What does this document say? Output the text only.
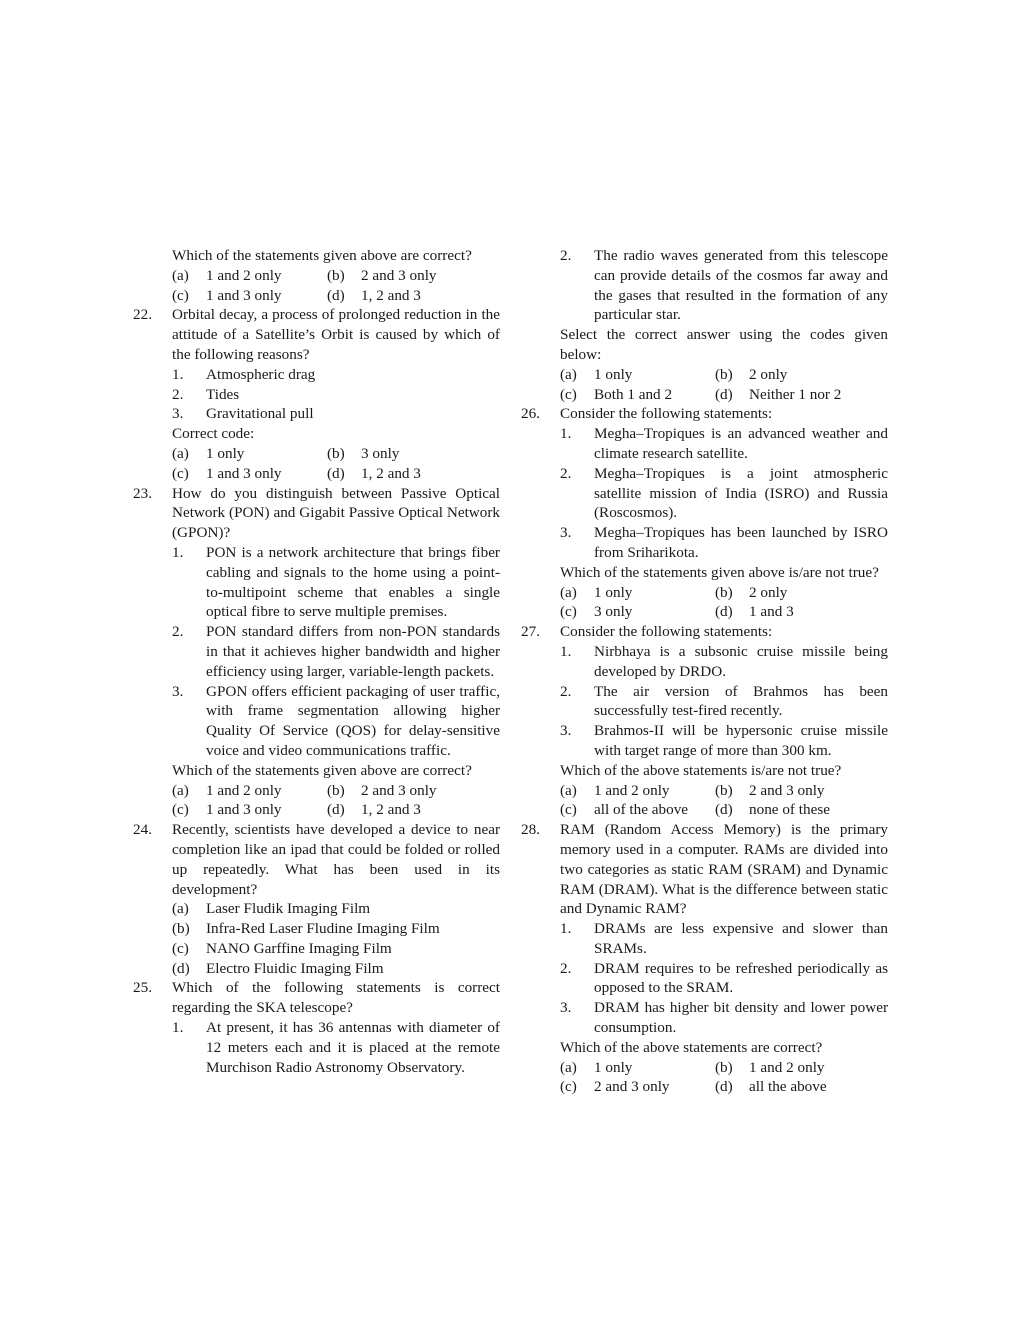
Which of the statements given above are correct?
(a)	1 and 2 only	(b)	2 and 3 only
(c)	1 and 3 only	(d)	1, 2 and 3
22.	Orbital decay, a process of prolonged reduction in the attitude of a Satellite’s Orbit is caused by which of the following reasons?
1.	Atmospheric drag
2.	Tides
3.	Gravitational pull
Correct code:
(a)	1 only	(b)	3 only
(c)	1 and 3 only	(d)	1, 2 and 3
23.	How do you distinguish between Passive Optical Network (PON) and Gigabit Passive Optical Network (GPON)?
1.	PON is a network architecture that brings fiber cabling and signals to the home using a point-to-multipoint scheme that enables a single optical fibre to serve multiple premises.
2.	PON standard differs from non-PON standards in that it achieves higher bandwidth and higher efficiency using larger, variable-length packets.
3.	GPON offers efficient packaging of user traffic, with frame segmentation allowing higher Quality Of Service (QOS) for delay-sensitive voice and video communications traffic.
Which of the statements given above are correct?
(a)	1 and 2 only	(b)	2 and 3 only
(c)	1 and 3 only	(d)	1, 2 and 3
24.	Recently, scientists have developed a device to near completion like an ipad that could be folded or rolled up repeatedly. What has been used in its development?
(a)	Laser Fludik Imaging Film
(b)	Infra-Red Laser Fludine Imaging Film
(c)	NANO Garffine Imaging Film
(d)	Electro Fluidic Imaging Film
25.	Which of the following statements is correct regarding the SKA telescope?
1.	At present, it has 36 antennas with diameter of 12 meters each and it is placed at the remote Murchison Radio Astronomy Observatory.
2.	The radio waves generated from this telescope can provide details of the cosmos far away and the gases that resulted in the formation of any particular star.
Select the correct answer using the codes given below:
(a)	1 only	(b)	2 only
(c)	Both 1 and 2	(d)	Neither 1 nor 2
26.	Consider the following statements:
1.	Megha–Tropiques is an advanced weather and climate research satellite.
2.	Megha–Tropiques is a joint atmospheric satellite mission of India (ISRO) and Russia (Roscosmos).
3.	Megha–Tropiques has been launched by ISRO from Sriharikota.
Which of the statements given above is/are not true?
(a)	1 only	(b)	2 only
(c)	3 only	(d)	1 and 3
27.	Consider the following statements:
1.	Nirbhaya is a subsonic cruise missile being developed by DRDO.
2.	The air version of Brahmos has been successfully test-fired recently.
3.	Brahmos-II will be hypersonic cruise missile with target range of more than 300 km.
Which of the above statements is/are not true?
(a)	1 and 2 only	(b)	2 and 3 only
(c)	all of the above (d)	none of these
28.	RAM (Random Access Memory) is the primary memory used in a computer. RAMs are divided into two categories as static RAM (SRAM) and Dynamic RAM (DRAM). What is the difference between static and Dynamic RAM?
1.	DRAMs are less expensive and slower than SRAMs.
2.	DRAM requires to be refreshed periodically as opposed to the SRAM.
3.	DRAM has higher bit density and lower power consumption.
Which of the above statements are correct?
(a)	1 only	(b)	1 and 2 only
(c)	2 and 3 only	(d)	all the above
